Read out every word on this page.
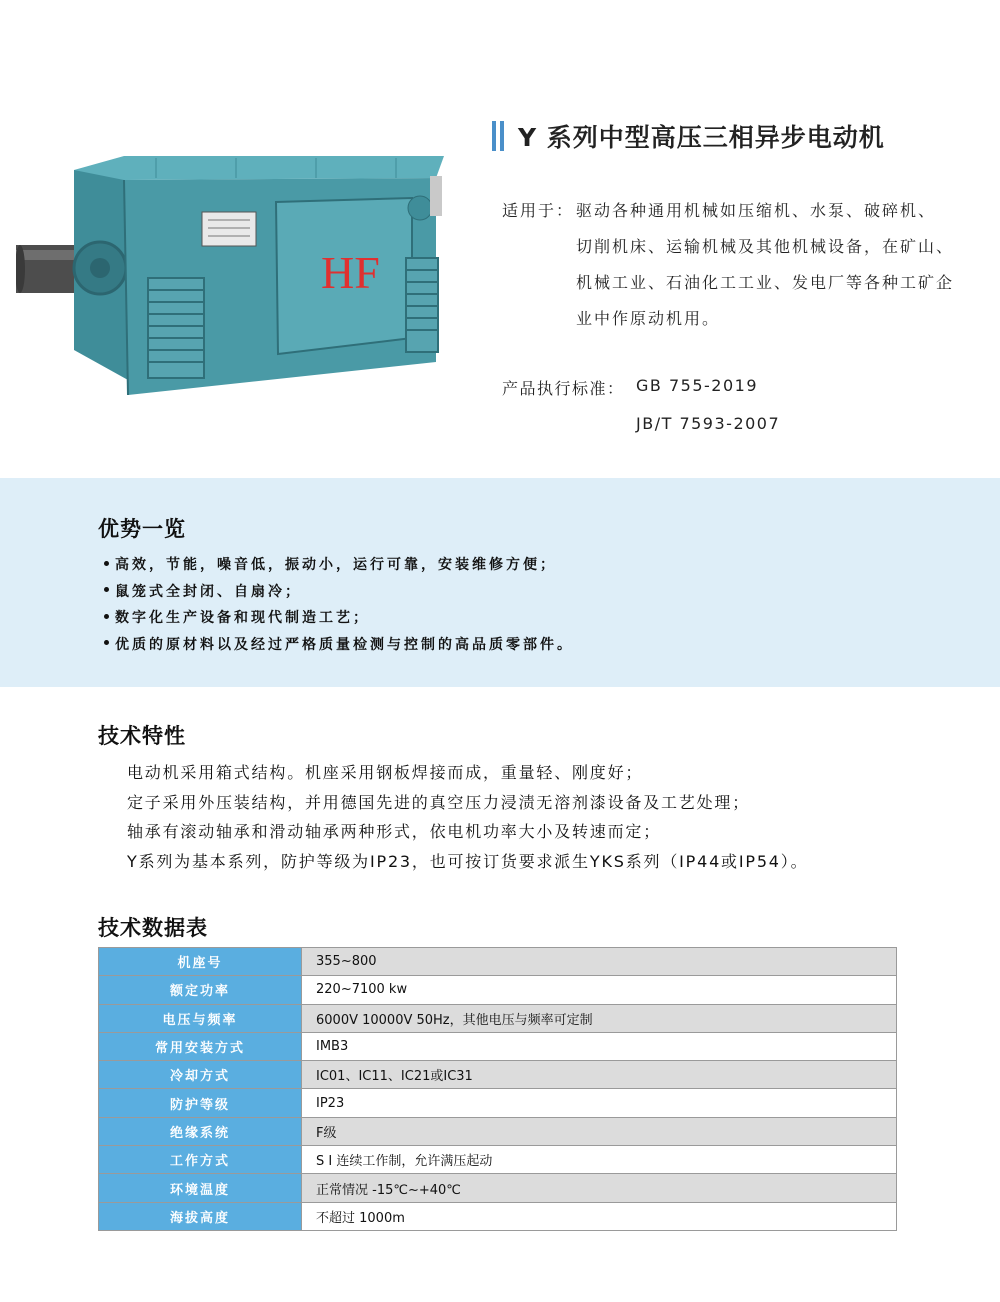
HF
Y 系列中型高压三相异步电动机
适用于： 驱动各种通用机械如压缩机、水泵、破碎机、
切削机床、运输机械及其他机械设备，在矿山、
机械工业、石油化工工业、发电厂等各种工矿企
业中作原动机用。
产品执行标准： GB 755-2019
JB/T 7593-2007
优势一览
高效，节能，噪音低，振动小，运行可靠，安装维修方便；
鼠笼式全封闭、自扇冷；
数字化生产设备和现代制造工艺；
优质的原材料以及经过严格质量检测与控制的高品质零部件。
技术特性
电动机采用箱式结构。机座采用钢板焊接而成，重量轻、刚度好；
定子采用外压装结构，并用德国先进的真空压力浸渍无溶剂漆设备及工艺处理；
轴承有滚动轴承和滑动轴承两种形式，依电机功率大小及转速而定；
Y系列为基本系列，防护等级为IP23，也可按订货要求派生YKS系列（IP44或IP54）。
技术数据表
机座号	355~800
额定功率	220~7100 kw
电压与频率	6000V 10000V 50Hz，其他电压与频率可定制
常用安装方式	IMB3
冷却方式	IC01、IC11、IC21或IC31
防护等级	IP23
绝缘系统	F级
工作方式	S Ⅰ 连续工作制，允许满压起动
环境温度	正常情况 -15℃~+40℃
海拔高度	不超过 1000m
